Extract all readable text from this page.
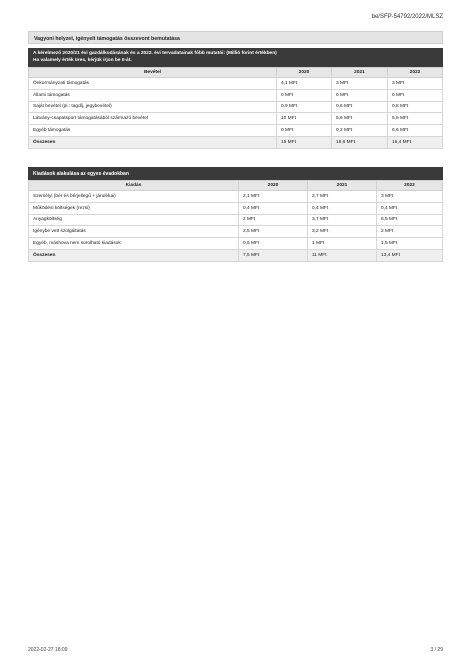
be/SFP-54792/2022/MLSZ
Vagyoni helyzet, igényelt támogatás összevont bemutatása
A kérelmező 2020/21 évi gazdálkodásának és a 2022. évi tervadatainak főbb mutatói: (Millió forint értékben)
Ha valamely érték üres, kérjük írjon be 0-át.
Bevétel	2020	2021	2022
Önkormányzati támogatás	4,1 MFt	3 MFt	3 MFt
Állami támogatás	0 MFt	0 MFt	0 MFt
Saját bevétel (pl.: tagdíj, jegybevétel)	0,9 MFt	0,6 MFt	0,8 MFt
Látvány-csapatsport támogatásából származó bevétel	10 MFt	5,6 MFt	5,9 MFt
Egyéb támogatás	0 MFt	9,2 MFt	6,6 MFt
Összesen	15 MFt	18,6 MFt	16,4 MFt
Kiadások alakulása az egyes évadokban
Kiadás	2020	2021	2022
Személyi (bér és bérjellegű + járulékai)	2,1 MFt	2,7 MFt	3 MFt
Működési költségek (rezsi)	0,4 MFt	0,4 MFt	0,4 MFt
Anyagköltség	2 MFt	3,7 MFt	6,5 MFt
Igénybe vett szolgáltatás	2,5 MFt	3,2 MFt	2 MFt
Egyéb, máshova nem sorolható kiadások	0,5 MFt	1 MFt	1,5 MFt
Összesen	7,5 MFt	11 MFt	13,4 MFt
2022-02-27 18:09	3 / 29
